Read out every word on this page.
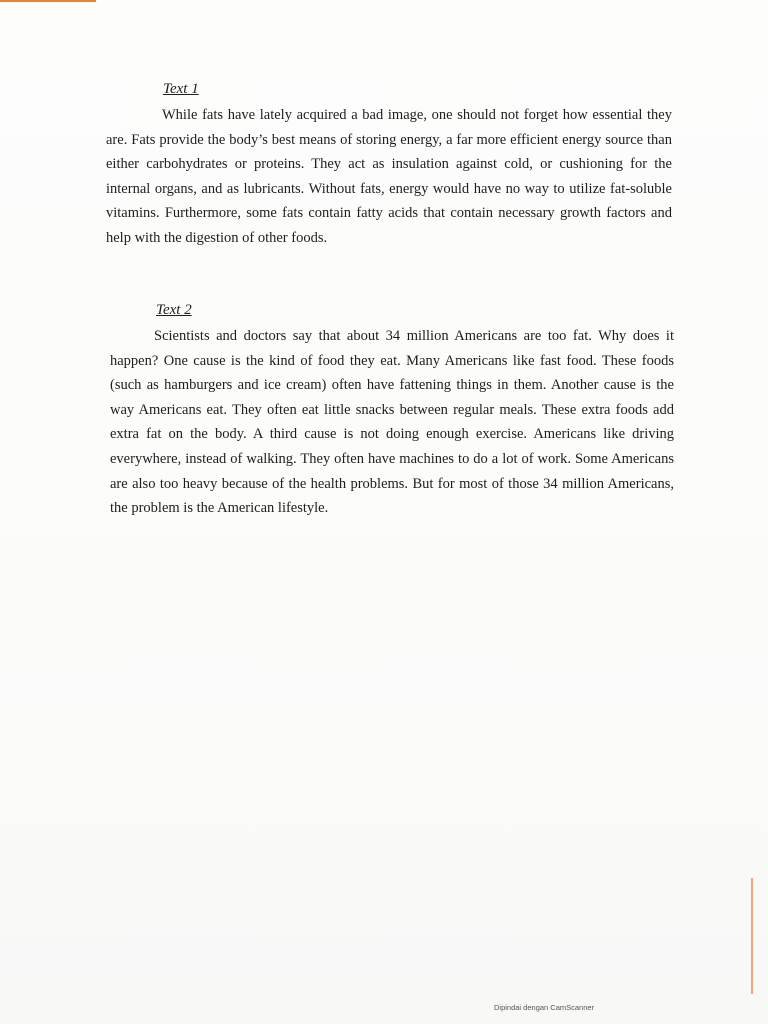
Text 1

While fats have lately acquired a bad image, one should not forget how essential they are. Fats provide the body’s best means of storing energy, a far more efficient energy source than either carbohydrates or proteins. They act as insulation against cold, or cushioning for the internal organs, and as lubricants. Without fats, energy would have no way to utilize fat-soluble vitamins. Furthermore, some fats contain fatty acids that contain necessary growth factors and help with the digestion of other foods.

Text 2

Scientists and doctors say that about 34 million Americans are too fat. Why does it happen? One cause is the kind of food they eat. Many Americans like fast food. These foods (such as hamburgers and ice cream) often have fattening things in them. Another cause is the way Americans eat. They often eat little snacks between regular meals. These extra foods add extra fat on the body. A third cause is not doing enough exercise. Americans like driving everywhere, instead of walking. They often have machines to do a lot of work. Some Americans are also too heavy because of the health problems. But for most of those 34 million Americans, the problem is the American lifestyle.

Dipindai dengan CamScanner
